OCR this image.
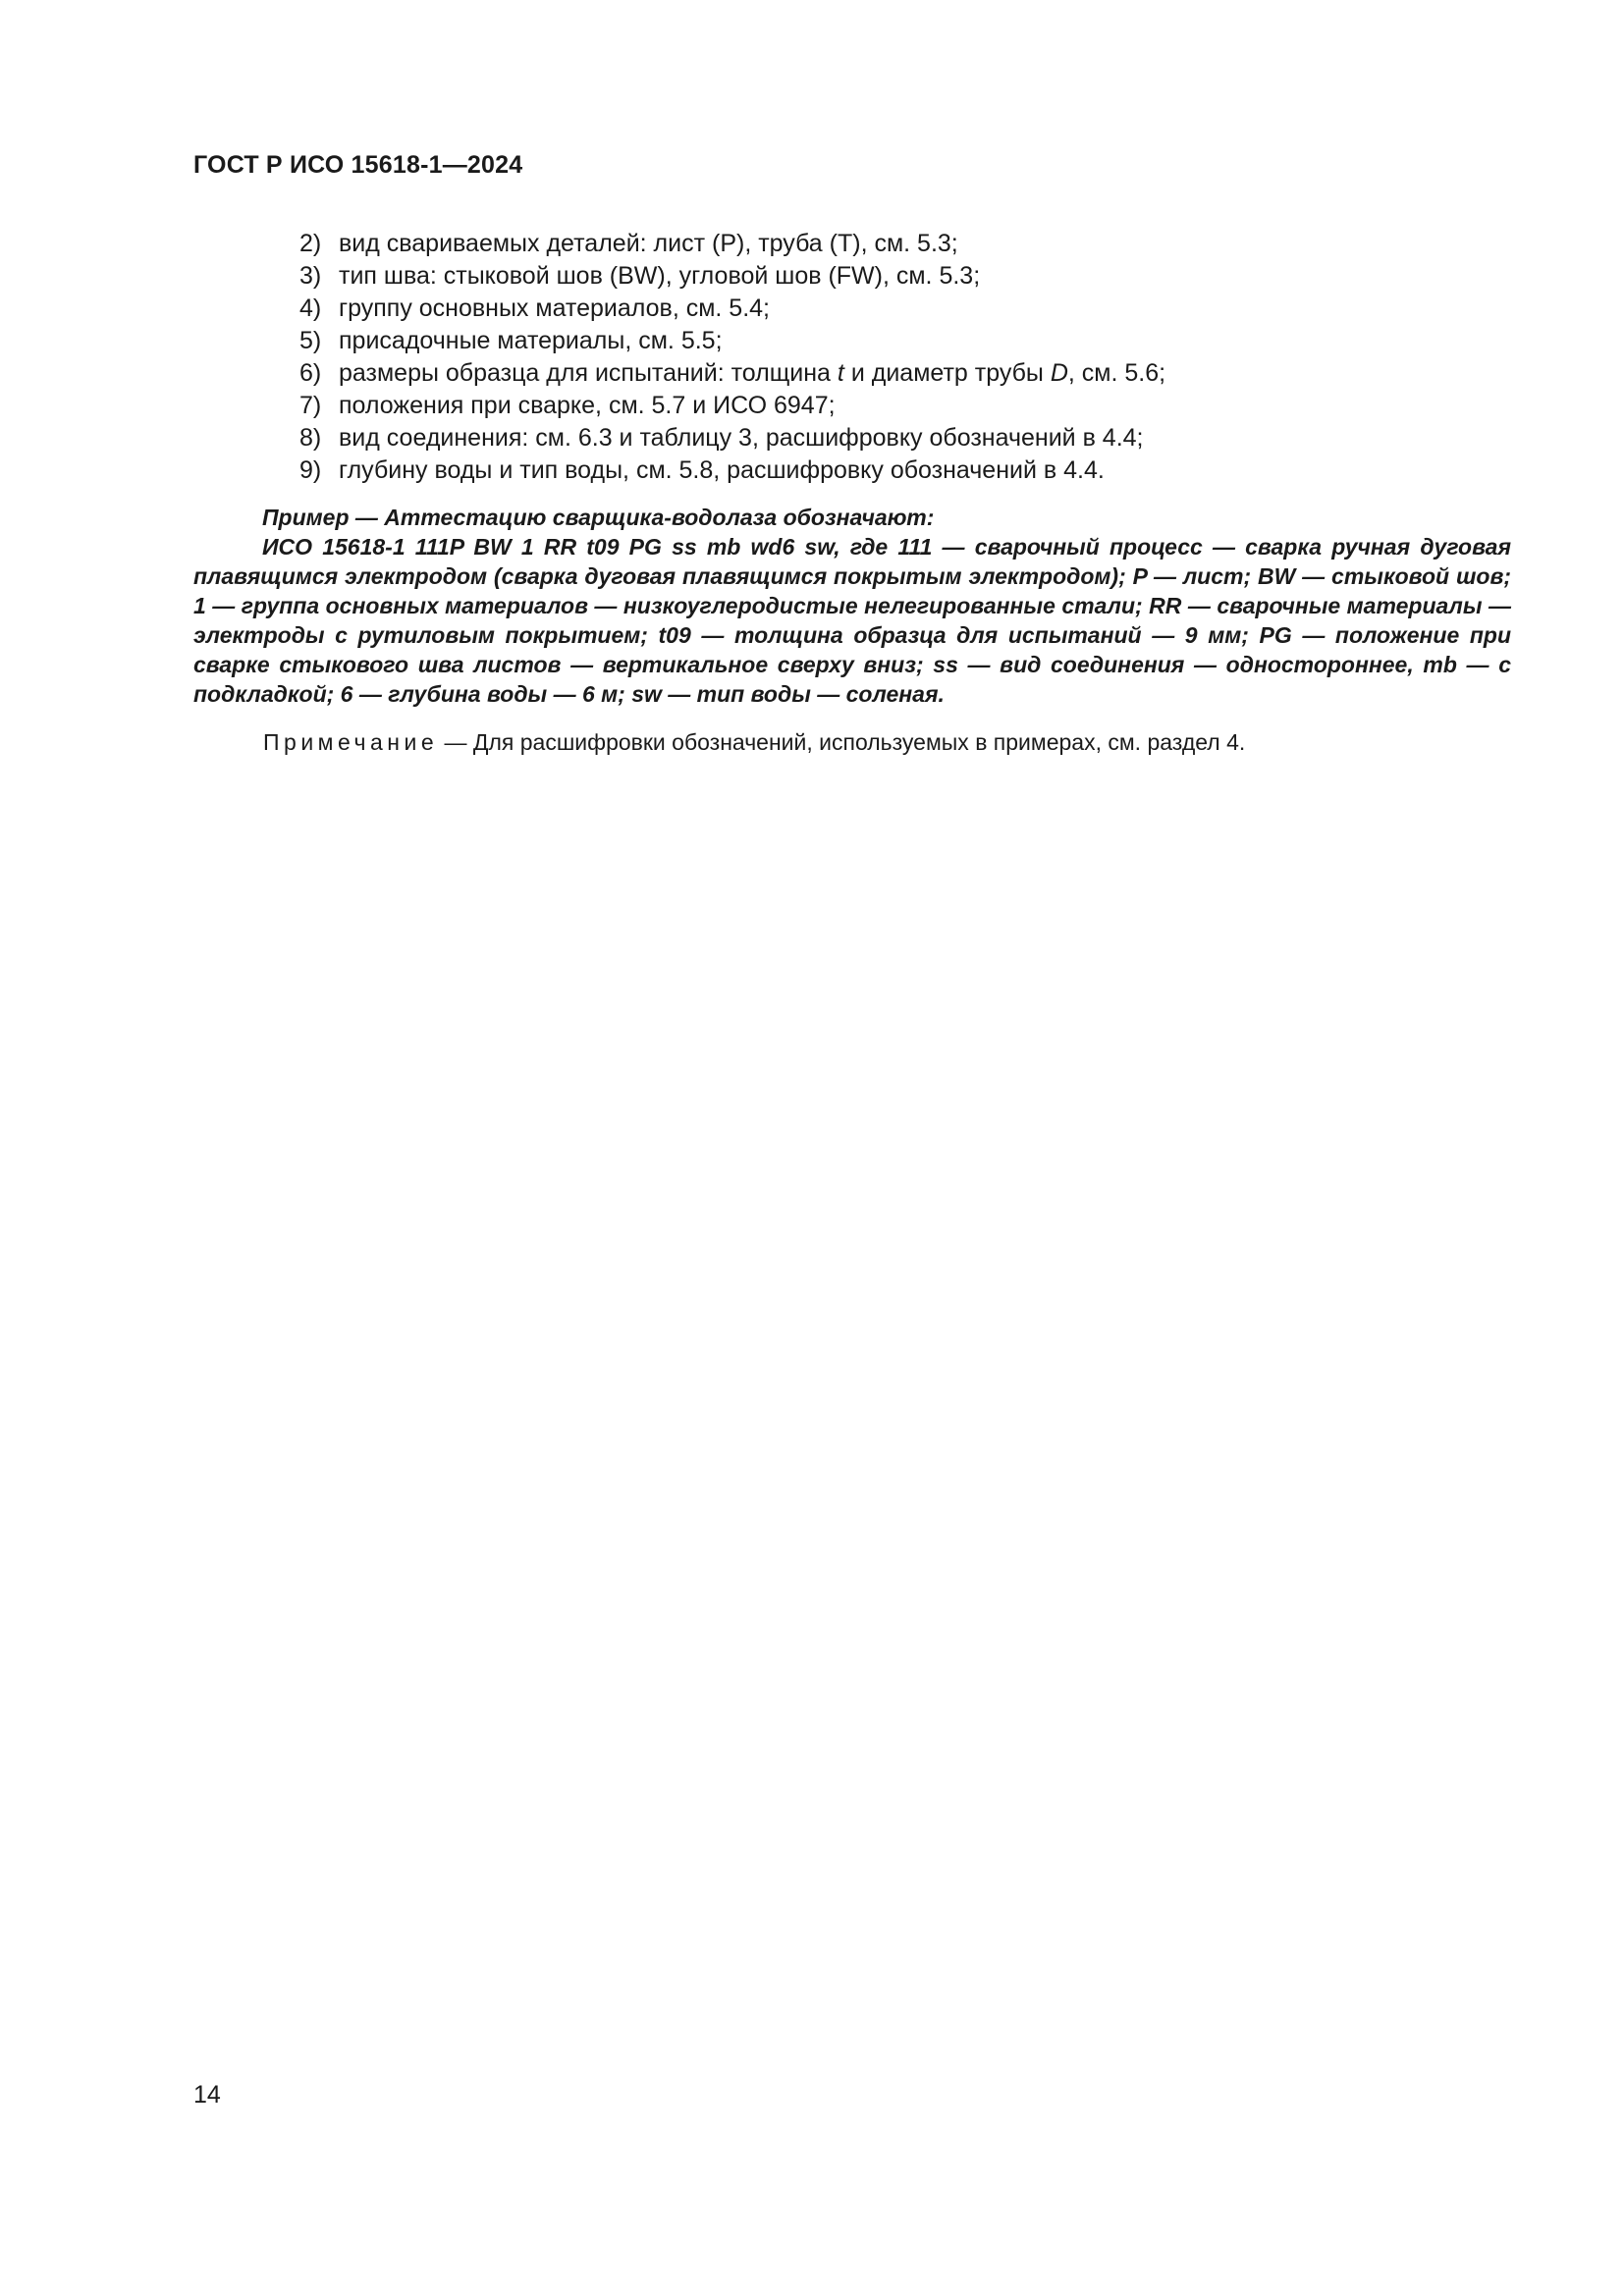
ГОСТ Р ИСО 15618-1—2024
2) вид свариваемых деталей: лист (P), труба (T), см. 5.3;
3) тип шва: стыковой шов (BW), угловой шов (FW), см. 5.3;
4) группу основных материалов, см. 5.4;
5) присадочные материалы, см. 5.5;
6) размеры образца для испытаний: толщина t и диаметр трубы D, см. 5.6;
7) положения при сварке, см. 5.7 и ИСО 6947;
8) вид соединения: см. 6.3 и таблицу 3, расшифровку обозначений в 4.4;
9) глубину воды и тип воды, см. 5.8, расшифровку обозначений в 4.4.

Пример — Аттестацию сварщика-водолаза обозначают:

ИСО 15618-1 111P BW 1 RR t09 PG ss mb wd6 sw, где 111 — сварочный процесс — сварка ручная дуговая плавящимся электродом (сварка дуговая плавящимся покрытым электродом); P — лист; BW — стыковой шов; 1 — группа основных материалов — низкоуглеродистые нелегированные стали; RR — сварочные материалы — электроды с рутиловым покрытием; t09 — толщина образца для испытаний — 9 мм; PG — положение при сварке стыкового шва листов — вертикальное сверху вниз; ss — вид соединения — одностороннее, mb — с подкладкой; 6 — глубина воды — 6 м; sw — тип воды — соленая.

Примечание — Для расшифровки обозначений, используемых в примерах, см. раздел 4.
14
